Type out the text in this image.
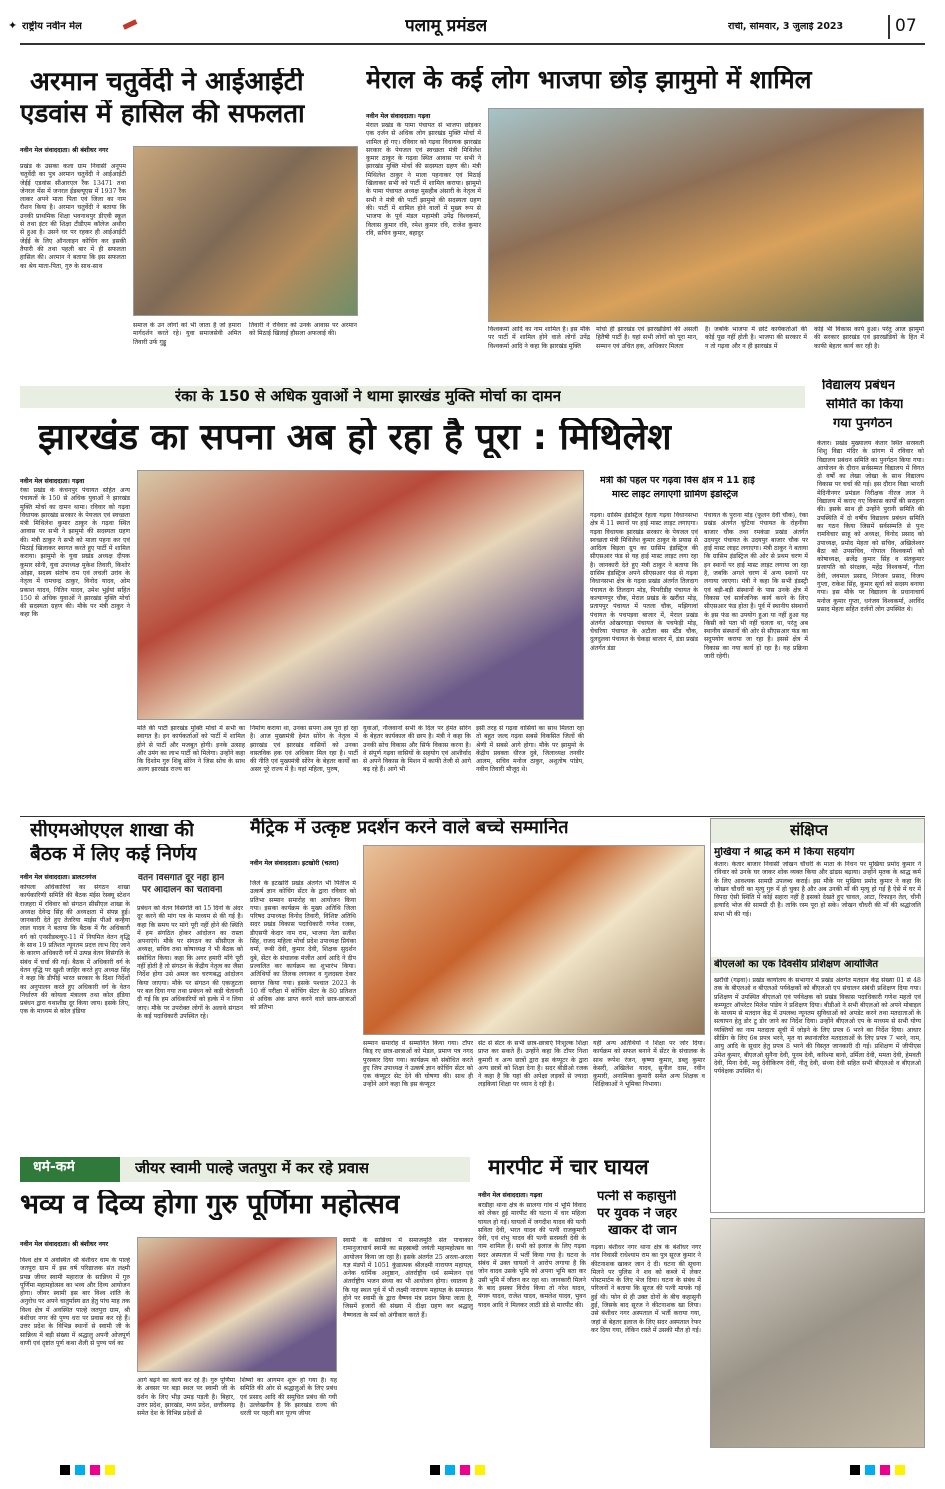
✦ राष्ट्रीय नवीन मेल	पलामू प्रमंडल	रांची, सोमवार, 3 जुलाई 2023	07
अरमान चतुर्वेदी ने आईआईटी
एडवांस में हासिल की सफलता
नवीन मेल संवाददाता। श्री बंशीधर नगर
प्रखंड के उसका कला ग्राम निवासी अनूपम चतुर्वेदी का पुत्र अरमान चतुर्वेदी ने आईआईटी जेईई एडवांस सीआरएल रैंक 13471 तथा जेनरल मेंस में जनरल ईडब्ल्यूएस में 1937 रैंक लाकर अपने माता पिता एवं जिला का नाम रौशन किया है। अरमान चतुर्वेदी ने बताया कि उनकी प्राथमिक शिक्षा भवनाथपुर डीएवी स्कूल से तथा इंटर की शिक्षा टीडीएम कॉलेज अथौरा से हुआ है। उसने घर पर रहकर ही आईआईटी जेईई के लिए ऑनलाइन कोचिंग कर इसकी तैयारी की तथा पहली बार में ही सफलता हासिल की। अरमान ने बताया कि इस सफलता का श्रेय माता-पिता, गुरु के साथ-साथ
समाज के उन लोगों को भी जाता है जो हमारा मार्गदर्शन करते रहे। युवा समाजसेवी अमित तिवारी उर्फ गुड्डू
तिवारी ने रविवार को उनके आवास पर अरमान को मिठाई खिलाई हौसला अफजाई की।
मेराल के कई लोग भाजपा छोड़ झामुमो में शामिल
नवीन मेल संवाददाता। गढ़वा
मेराल प्रखंड के पामा पंचायत से भाजपा छोड़कर एक दर्जन से अधिक लोग झारखंड मुक्ति मोर्चा में शामिल हो गए। रविवार को गढ़वा विधायक झारखंड सरकार के पेयजल एवं स्वच्छता मंत्री मिथिलेश कुमार ठाकुर के गढ़वा स्थित आवास पर सभी ने झारखंड मुक्ति मोर्चा की सदस्यता ग्रहण की। मंत्री मिथिलेश ठाकुर ने माला पहनाकर एवं मिठाई खिलाकर सभी को पार्टी में शामिल कराया। झामुमो के पामा पंचायत अध्यक्ष मुसहीब अंसारी के नेतृत्व में सभी ने मंत्री की पार्टी झामुमो की सदस्यता ग्रहण की। पार्टी में शामिल होने वालों में मुख्य रूप से भाजपा के पूर्व मंडल महामंत्री उपेंद्र विश्वकर्मा, विलास कुमार रवि, रमेश कुमार रवि, राजेश कुमार रवि, सचिन कुमार, बहादुर
विश्वकर्मा आदि का नाम शामिल है। इस मौके पर पार्टी में शामिल होने वाले लोगों उपेंद्र विश्वकर्मा आदि ने कहा कि झारखंड मुक्ति
मोर्चा ही झारखंड एवं झारखंडियों की असली हितैषी पार्टी है। यहां सभी लोगों को पूरा मान, सम्मान एवं उचित हक, अधिकार मिलता
है। जबकि भाजपा में छोटे कार्यकर्ताओं की कोई पूछ नहीं होती है। भाजपा की सरकार में न तो गढ़वा और न ही झारखंड में
कोई भी विकास कार्य हुआ। परंतु आज झामुमो की सरकार झारखंड एवं झारखंडियों के हित में काफी बेहतर कार्य कर रही है।
रंका के 150 से अधिक युवाओं ने थामा झारखंड मुक्ति मोर्चा का दामन
झारखंड का सपना अब हो रहा है पूरा : मिथिलेश
नवीन मेल संवाददाता। गढ़वा
रंका प्रखंड के कंचनपुर पंचायत सहित अन्य पंचायतों के 150 से अधिक युवाओं ने झारखंड मुक्ति मोर्चा का दामन थामा। रविवार को गढ़वा विधायक झारखंड सरकार के पेयजल एवं स्वच्छता मंत्री मिथिलेश कुमार ठाकुर के गढ़वा स्थित आवास पर सभी ने झामुमो की सदस्यता ग्रहण की। मंत्री ठाकुर ने सभी को माला पहना कर एवं मिठाई खिलाकर स्वागत करते हुए पार्टी में शामिल कराया। झामुमो के युवा प्रखंड अध्यक्ष दीपक कुमार सोनी, युवा उपाध्यक्ष मुकेश तिवारी, किशोर ओझा, सदस्य संतोष राम एवं लचली उरांव के नेतृत्व में रामचन्द्र ठाकुर, विनोद यादव, ओम प्रकाश यादव, नितिन यादव, उमेश भुईयां सहित 150 से अधिक युवाओं ने झारखंड मुक्ति मोर्चा की सदस्यता ग्रहण की। मौके पर मंत्री ठाकुर ने कहा कि
मति की पार्टी झारखंड मुक्ति मोर्चा में सभी का स्वागत है। इन कार्यकर्ताओं को पार्टी में शामिल होने से पार्टी और मजबूत होगी। इनके उत्साह और उमंग का लाभ पार्टी को मिलेगा। उन्होंने कहा कि दिशोम गुरु शिबू सोरेन ने जिस सोच के साथ अलग झारखंड राज्य का
निर्माण कराया था, उनका सपना अब पूरा हो रहा है। आज मुख्यमंत्री हेमंत सोरेन के नेतृत्व में झारखंड एवं झारखंड वासियों को उनका वास्तविक हक एवं अधिकार मिल रहा है। पार्टी की नीति एवं मुख्यमंत्री सोरेन के बेहतर कार्यों का असर पूरे राज्य में है। यहां महिला, पुरुष,
युवाओं, नौजवानों सभी के दिल पर हेमंत सोरेन के बेहतर कार्यकाल की छाप है। मंत्री ने कहा कि उनकी सोच विकास और सिर्फ विकास करना है। वे संपूर्ण गढ़वा वासियों के सहयोग एवं आशीर्वाद से अपने विकास के मिशन में काफी तेजी से आगे बढ़ रहे हैं। आगे भी
इसी तरह से गढ़वा वासियों का साथ मिलता रहा तो बहुत जल्द गढ़वा सबसे विकसित जिलों की श्रेणी में सबसे आगे होगा। मौके पर झामुमो के केंद्रीय प्रवक्ता धीरज दुबे, जिलाध्यक्ष तनवीर आलम, सचिव मनोज ठाकुर, अशुतोष पांडेय, नवीन तिवारी मौजूद थे।
मंत्री की पहल पर गढ़वा विस क्षेत्र में 11 हाई
मास्ट लाइट लगाएगी ग्रामिण इंडस्ट्रिज
गढ़वा। ग्रासिम इंडस्ट्रिज रेहला गढ़वा विधानसभा क्षेत्र में 11 स्थानों पर हाई मास्ट लाइट लगाएगा। गढ़वा विधायक झारखंड सरकार के पेयजल एवं स्वच्छता मंत्री मिथिलेश कुमार ठाकुर के प्रयास से आदित्य बिड़ला ग्रुप का ग्रासिम इंडस्ट्रिज की सीएसआर फंड से यह हाई मास्ट लाइट लगा रहा है। जानकारी देते हुए मंत्री ठाकुर ने बताया कि ग्रासिम इंडस्ट्रिज अपने सीएसआर फंड से गढ़वा विधानसभा क्षेत्र के गढ़वा प्रखंड अंतर्गत तिलदाग पंचायत के तिलदाग मोड़, पिपरीडीह पंचायत के कल्याणपुर चौक, मेराल प्रखंड के खरौंधा मोड़, प्रतापपुर पंचायत में पतला चौक, मझिगावां पंचायत के पचपड़वा बाजार में, मेराल प्रखंड अंतर्गत ओखरगाड़ा पंचायत के पचफेड़ी मोड़, चेचरिया पंचायत के अटौला बस स्टैंड चौक, दुलदुलवा पंचायत के चेकड़ा बाजार में, डंडा प्रखंड अंतर्गत डंडा
पंचायत के पुराना मोड़ (फूलन देवी चौक), रंका प्रखंड अंतर्गत चुटिया पंचायत के रोहनीया बाजार चौक तथा रमकंडा प्रखंड अंतर्गत उदयपुर पंचायत के उदयपुर बाजार चौक पर हाई मास्ट लाइट लगाएगा। मंत्री ठाकुर ने बताया कि ग्रासिम इंडस्ट्रिज की ओर से प्रथम चरण में इन स्थानों पर हाई मास्ट लाइट लगाया जा रहा है, जबकि अगले चरण में अन्य स्थानों पर लगाया जाएगा। मंत्री ने कहा कि सभी इंडस्ट्री एवं बड़ी-बड़ी संस्थानों के पास उनके क्षेत्र में विकास एवं सार्वजनिक कार्य करने के लिए सीएसआर फंड होता है। पूर्व में स्थानीय संस्थानों के इस फंड का उपयोग हुआ या नहीं हुआ यह किसी को पता भी नहीं चलता था, परंतु अब स्थानीय संस्थानों की ओर से सीएसआर फंड का सदुपयोग कराया जा रहा है। इससे क्षेत्र में विकास का नया कार्य हो रहा है। यह प्रक्रिया जारी रहेगी।
विद्यालय प्रबंधन
समिति का किया
गया पुनर्गठन
केतार। प्रखंड मुख्यालय केतार स्थित सरस्वती शिशु विद्या मंदिर के प्रांगण में रविवार को विद्यालय प्रबंधन समिति का पुनर्गठन किया गया। आयोजन के दौरान सर्वसम्मत विद्यालय में विगत दो वर्षों का लेखा जोखा के साथ विद्यालय विकास पर चर्चा की गई। इस दौरान विद्या भारती मेदिनीनगर प्रमंडल निरीक्षक नीरज लाल ने विद्यालय में कराए गए विकास कार्यों की सराहना की। इसके साथ ही उन्होंने पुरानी समिति की उपस्थिति में दो वर्षीय विद्यालय प्रबंधन समिति का गठन किया जिसमें सर्वसम्मति से पुनः रामविचार साहू को अध्यक्ष, विनोद प्रसाद को उपाध्यक्ष, प्रमोद मेहता को सचिव, अखिलेश्वर बैठा को उपसचिव, गोपाल विश्वकर्मा को कोषाध्यक्ष, ब्रजेंद्र कुमार सिंह व संतकुमार प्रजापति को संरक्षक, महेंद्र विश्वकर्मा, गीता देवी, जवमाल प्रसाद, निरंजन प्रसाद, विजय गुप्ता, राकेश सिंह, कुमार सूर्या को सदस्य बनाया गया। इस मौके पर विद्यालय के प्रधानाचार्य मनोज कुमार गुप्ता, धनंजय विश्वकर्मा, अरविंद प्रसाद मेहता सहित दर्जनों लोग उपस्थित थे।
सीएमओएएल शाखा की
बैठक में लिए कई निर्णय
नवीन मेल संवाददाता। डालटनगंज	वेतन विसंगति दूर नहीं होने
पर आंदोलन की चेतावनी
कोयला अधिकारियों का संगठन शाखा कार्यकारिणी समिति की बैठक मंईस रेस्क्यू स्टेशन राजहरा में रविवार को संगठन सीसीएल शाखा के अध्यक्ष देवेन्द्र सिंह की अध्यक्षता में संपन्न हुई। जानकारी देते हुए तेतरिया माईस पीओ कन्हैया लाल यादव ने बताया कि बैठक में गैर अधिकारी वर्ग को एनसीडब्ल्यूए-11 में नियमित वेतन वृद्धि के साथ 19 प्रतिशत न्यूनतम प्रदत्त लाभ दिए जाने के कारण अधिकारी वर्ग में उत्पन्न वेतन विसंगति के संबंध में चर्चा की गई। बैठक में अधिकारी वर्ग के वेतन वृद्धि पर खुशी जाहिर करते हुए अध्यक्ष सिंह ने कहा कि डीपीई भारत सरकार के दिशा निर्देशों का अनुपालन करते हुए अधिकारी वर्ग के वेतन निर्धारण की कोयला मंत्रालय तथा कोल इंडिया प्रबंधन द्वारा यथाशीघ्र दूर किया जाय। इसके लिए, एक के माध्यम से कोल इंडिया
प्रबंधन को वेतन विसंगति को 15 दिनों के अंदर दूर करने की मांग पत्र के माध्यम से की गई है। कहा कि समय पर मांगे पूरी नहीं होने की स्थिति में हम संगठित होकर आंदोलन का रास्ता अपनाएंगे। मौके पर संगठन का सीसीएल के अध्यक्ष, सचिव तथा कोषाध्यक्ष ने भी बैठक को संबोधित किया। कहा कि अगर हमारी माँगे पूरी नहीं होती है तो संगठन के केंद्रीय नेतृत्व का जैसा निर्देश होगा उसे अमल कर चरणबद्ध आंदोलन किया जाएगा। मौके पर संगठन की एकजुटता पर बल दिया गया तथा प्रबंधन को कड़ी चेतावनी दी गई कि हम अधिकारियों को हल्के में न लिया जाए। मौके पर उपरोक्त लोगों के अलावे संगठन के कई पदाधिकारी उपस्थित रहे।
मैट्रिक में उत्कृष्ट प्रदर्शन करने वाले बच्चे सम्मानित
नवीन मेल संवाददाता। इटखोरी (चतरा)
जिले के इटखोरी प्रखंड अंतर्गत भी पितीज में उत्कर्ष ज्ञान कोचिंग सेंटर के द्वारा रविवार को प्रतिभा सम्मान समारोह का आयोजन किया गया। इसका कार्यक्रम के मुख्य अतिथि जिला परिषद उपाध्यक्ष विनोद तिवारी, विशिष्ट अतिथि सदर प्रखंड विकास पदाधिकारी गणेश रजक, डीएसपी केदार नाम राम, भाजपा नेता सतीश सिंह, राजद महिला मोर्चा प्रदेश उपाध्यक्ष प्रियंका वर्मा, रूबी देवी, कुमार देवी, शिक्षक सुदर्शन दुबे, सेंटर के संचालक मंजीत आर्य आदि ने दीप प्रज्वलित कर कार्यक्रम का शुभारंभ किया। अतिथियों का तिलक लगाकर व गुलदस्ता देकर स्वागत किया गया। इसके पश्चात 2023 के 10 वीं परीक्षा में कोचिंग सेंटर के 80 प्रतिशत से अधिक अंक प्राप्त करने वाले छात्र-छात्राओं को प्रतिभा
सम्मान समारोह में सम्मानित किया गया। टॉपर किड् रए छात्र-छात्राओं को मेडल, प्रमाण पत्र नगद पुरस्कार दिया गया। कार्यक्रम को संबोधित करते हुए जिप उपाध्यक्ष ने उत्कर्ष ज्ञान कोचिंग सेंटर को एक कंप्यूटर सेट देने की घोषणा की। साथ ही उन्होंने आगे कहा कि इस कंप्यूटर
सेट से सेंटर के सभी छात्र-छात्राएं निःशुल्क शिक्षा प्राप्त कर सकते हैं। उन्होंने कहा कि टॉपर निशा कुमारी व अन्य छात्रों द्वारा इस कंप्यूटर के द्वारा अन्य छात्रों को शिक्षा देना है। सदर बीडीओ रजक ने कहा है कि यहां की अपेक्षा लड़कों से ज्यादा लड़कियां शिक्षा पर ध्यान दे रही है।
यहीं अन्य अतिथियों ने शिक्षा पर जोर दिया। कार्यक्रम को सफल बनाने में सेंटर के संचालक के साथ रूपेश रंजन, कृष्णा कुमार, डब्लु कुमार केसरी, अखिलेश यादव, सुनील दास, रवीन कुमारी, अनामिका कुमारी समेत अन्य शिक्षक व शिक्षिकाओं ने भूमिका निभाया।
संक्षिप्त
मुखिया ने श्राद्ध कर्म में किया सहयोग
केतार। केतार बाजार निवासी जोखन चौधरी के माता के निधन पर मुखिया प्रमोद कुमार ने रविवार को उनके घर जाकर शोक व्यक्त किया और ढांढस बढ़ाया। उन्होंने मृतक के श्राद्ध कर्म के लिए आवश्यक सामग्री उपलब्ध कराई। इस मौके पर मुखिया प्रमोद कुमार ने कहा कि जोखन चौधरी का मृत्यु गुरु में हो चुका है और अब उनकी माँ की मृत्यु हो गई है ऐसे में घर में विपदा ऐसी स्थिति में कोई सहारा नहीं है इसको देखते हुए चावल, आटा, रिफाइन तेल, चीनी इत्यादि भोज की सामग्री दी है। ताकि रस्म पूरा हो सके। जोखन चौधरी की माँ की श्रद्धांजलि सभा भी की गई।
बीएलओ का एक दिवसीय प्रशिक्षण आयोजित
खरौंधी (गढ़वा)। प्रखंड कार्यालय के सभागार में प्रखंड अंतर्गत मतदान केंद्र संख्या 01 से 48 तक के बीएलओ व बीएलओ पर्यवेक्षकों को बीएलओ एप संचालन संबंधी प्रशिक्षण दिया गया। प्रशिक्षण में उपस्थित बीएलओ एवं पर्यवेक्षक को प्रखंड विकास पदाधिकारी गणेश महतो एवं कम्प्यूटर ऑपरेटर मिलेश पांडेय ने प्रशिक्षण दिया। बीडीओ ने सभी बीएलओ को अपने मोबाइल के माध्यम से मतदान केंद्र में उपलब्ध न्यूनतम सुविधाओं को अपडेट करने तथा मतदाताओं के सत्यापन हेतु डोर टू डोर जाने का निर्देश दिया। उन्होंने बीएलओ एप के माध्यम से सभी योग्य व्यक्तियों का नाम मतदाता सूची में जोड़ने के लिए प्रपत्र 6 भरने का निर्देश दिया। आधार सीडिंग के लिए 6ब प्रपत्र भरने, मृत या स्थानांतरित मतदाताओं के लिए प्रपत्र 7 भरने, नाम, आयु आदि के सुधार हेतु प्रपत्र 8 भरने की विस्तृत जानकारी दी गई। प्रशिक्षण में जीपीएस उमेश कुमार, बीएलओ सुनैना देवी, पूनम देवी, करिश्मा बानो, उर्मिला देवी, ममता देवी, हेमवती देवी, मिना देवी, मधु देवीकिरण देवी, नीतू देवी, संध्या देवी सहित सभी बीएलओ व बीएलओ पर्यवेक्षक उपस्थित थे।
धर्म-कर्म	जीयर स्वामी पाल्हे जतपुरा में कर रहे प्रवास
भव्य व दिव्य होगा गुरु पूर्णिमा महोत्सव
नवीन मेल संवाददाता। श्री बंशीधर नगर
विश्व क्षेत्र में अवस्थित श्री बंशीधर धाम के पाल्हे जतपुरा ग्राम में इस वर्ष परिव्राजक संत लक्ष्मी प्रपन्न जीयर स्वामी महाराज के सान्निध्य में गुरु पूर्णिमा महामहोत्सव का भव्य और दिव्य आयोजन होगा। जीयर स्वामी इस बार विश्व शांति के अनुरोध पर अपने चातुर्मास्य व्रत हेतु पांच माह तक विश्व क्षेत्र में अवस्थित पाल्हे जतपुरा ग्राम, श्री बंशीधर नगर की पुण्य धरा पर प्रवास कर रहे हैं। उत्तर प्रदेश के विभिन्न स्थानों से स्वामी जी के सान्निध्य में बड़ी संख्या में श्रद्धालु अपनी ओजपूर्ण वाणी एवं दृष्टांत पूर्ण कथा शैली से पुण्य पर्व का
आगे बढ़ने का कार्य कर रहे हैं। गुरु पूर्णिमा के अवसर पर बड़ा स्थल पर स्वामी जी के दर्शन के लिए भीड़ उमड़ पड़ती है। बिहार, उत्तर प्रदेश, झारखंड, मध्य प्रदेश, छत्तीसगढ़ समेत देश के विभिन्न प्रदेशों से
शिष्यों का आगमन शुरू हो गया है। यह समिति की ओर से श्रद्धालुओं के लिए प्रबंध एवं प्रसाद आदि की समुचित प्रबंध की गयी है। उल्लेखनीय है कि झारखंड राज्य की धरती पर पहली बार पूज्य जीयर
स्वामी के सान्निध्य में समाजमूर्ति संत पाचाकार रामानुजाचार्य स्वामी का सहस्राब्दी जयंती महामहोत्सव का आयोजन किया जा रहा है। इसके अंतर्गत 25 अरला-अरला यज्ञ मंडपों में 1051 कुंडात्मक श्रीलक्ष्मी नारायण महायज्ञ, अनेक धार्मिक अनुष्ठान, अंतर्राष्ट्रीय धर्म सम्मेलन एवं अंतर्राष्ट्रीय भजन संध्या का भी आयोजन होगा। ध्यातव्य है कि यह स्थल पूर्व में भी लक्ष्मी नारायण महायज्ञ के सम्पादन होने पर स्वामी के द्वारा वैष्णव मंत्र प्रदान किया जाता है, जिसमें हजारों की संख्या में दीक्षा ग्रहण कर श्रद्धालु वैष्णवता के मर्म को अंगीकार करते हैं।
मारपीट में चार घायल
नवीन मेल संवाददाता। गढ़वा
बरडीहा थाना क्षेत्र के सालगा गांव में भूमि विवाद को लेकर हुई मारपीट की घटना में चार महिला घायल हो गई। घायलों में जगदीश यादव की पत्नी सविता देवी, भरत यादव की पत्नी राजकुमारी देवी, एवं शंभु यादव की पत्नी सरस्वती देवी के नाम शामिल हैं। सभी को इलाज के लिए गढ़वा सदर अस्पताल में भर्ती किया गया है। घटना के संबंध में उक्त घायलों ने आरोप लगाया है कि जोन वादव उसके भूमि को अपना भूमि बता कर उसी भूमि में जीतन कर रहा था। जानकारी मिलने के बाद इसका विरोध किया तो नरेश यादव, मंगरू यादव, राजेश यादव, कमलेश यादव, भुवन यादव आदि ने मिलकर लाठी डंडे से मारपीट की।
पत्नी से कहासुनी
पर युवक ने जहर
खाकर दी जान
गढ़वा। बंशीधर नगर थाना क्षेत्र के बंशीधर नगर गांव निवासी राधेश्याम राम का पुत्र सूरज कुमार ने कीटनाशक खाकर जान दे दी। घटना की सूचना मिलने पर पुलिस ने शव को कब्जे में लेकर पोस्टमार्टम के लिए भेज दिया। घटना के संबंध में परिजनों ने बताया कि सूरज की पत्नी मायके गई हुई थी। फोन से ही उक्त दोनों के बीच कहासुनी हुई, जिसके बाद सूरज ने कीटनाशक खा लिया। उसे बंशीधर नगर अस्पताल में भर्ती कराया गया, जहां से बेहतर इलाज के लिए सदर अस्पताल रेफर कर दिया गया, लेकिन रास्ते में उसकी मौत हो गई।
